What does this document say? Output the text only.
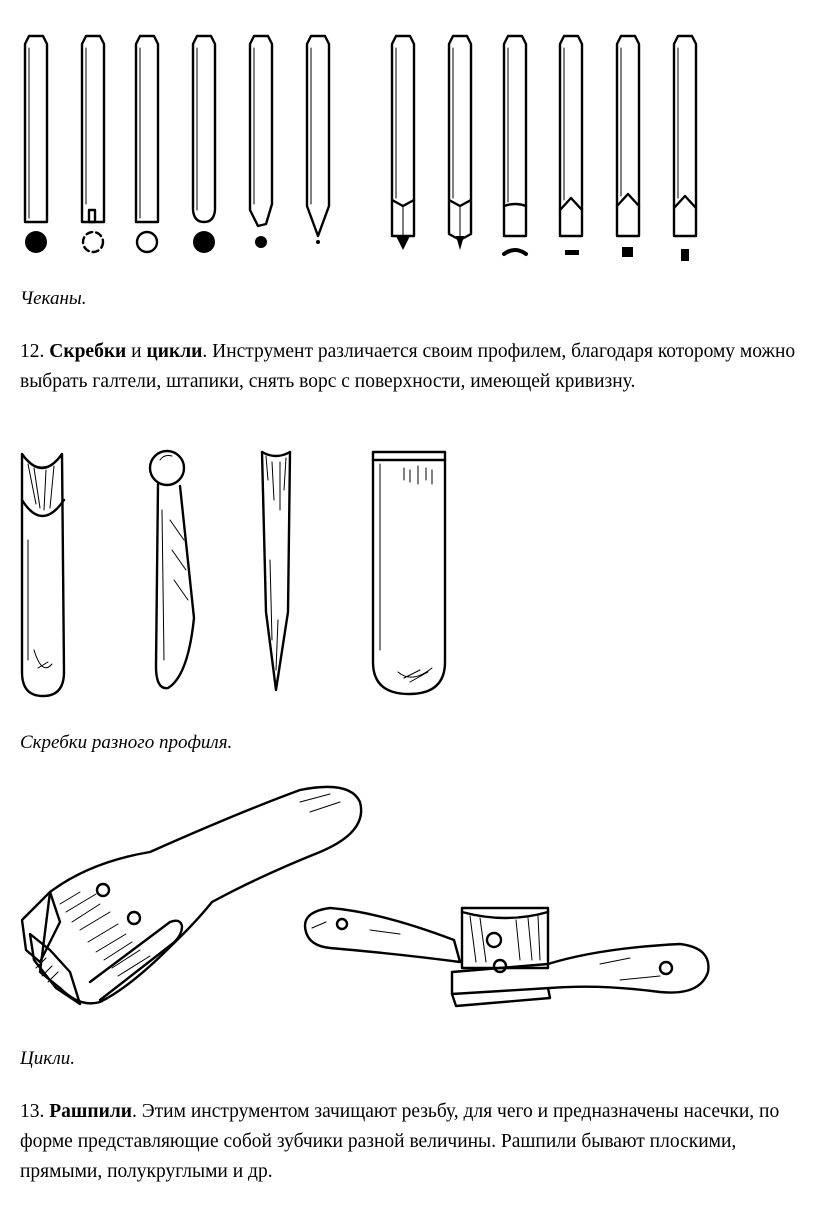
Чеканы.

12. Скребки и цикли. Инструмент различается своим профилем, благодаря которому можно выбрать галтели, штапики, снять ворс с поверхности, имеющей кривизну.

Скребки разного профиля.

Цикли.

13. Рашпили. Этим инструментом зачищают резьбу, для чего и предназначены насечки, по форме представляющие собой зубчики разной величины. Рашпили бывают плоскими, прямыми, полукруглыми и др.
